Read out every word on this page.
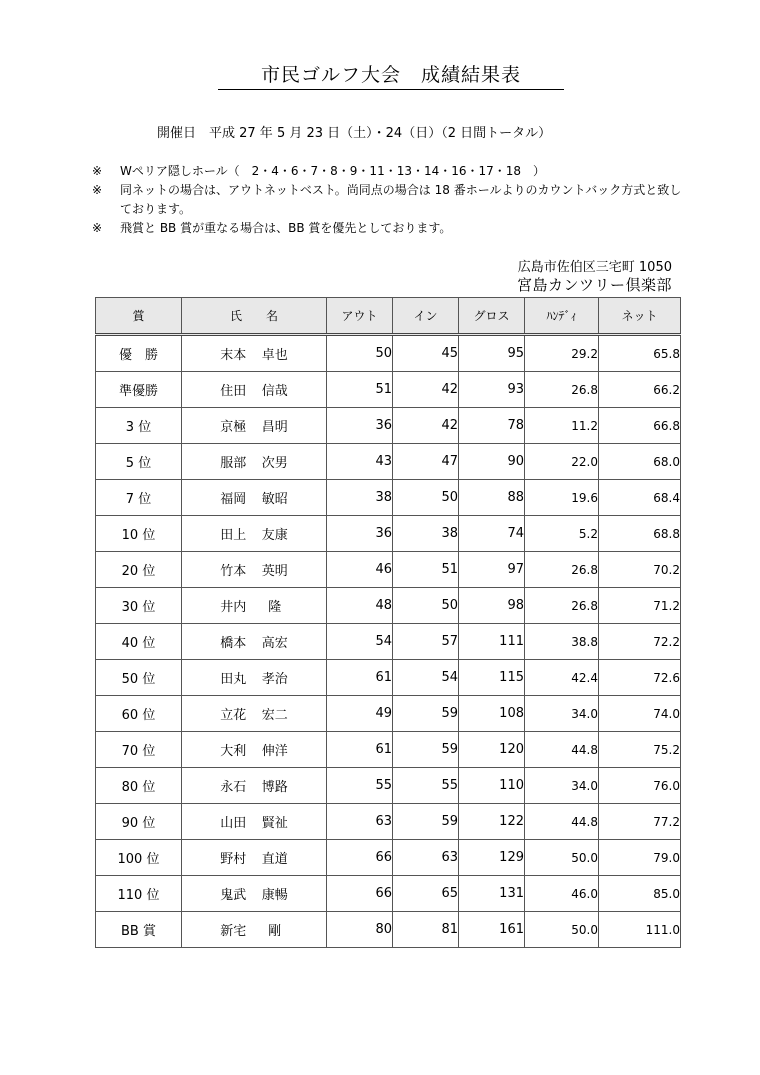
市民ゴルフ大会　成績結果表
開催日　平成 27 年 5 月 23 日（土）・24（日）（2 日間トータル）
※ Wペリア隠しホール（　2・4・6・7・8・9・11・13・14・16・17・18　）
※ 同ネットの場合は、アウトネットベスト。尚同点の場合は 18 番ホールよりのカウントバック方式と致しております。
※ 飛賞と BB 賞が重なる場合は、BB 賞を優先としております。
広島市佐伯区三宅町 1050
宮島カンツリー倶楽部
賞	氏　　名	アウト	イン	グロス	ﾊﾝﾃﾞｨ	ネット
優　勝	末本 卓也	50	45	95	29.2	65.8
準優勝	住田 信哉	51	42	93	26.8	66.2
3 位	京極 昌明	36	42	78	11.2	66.8
5 位	服部 次男	43	47	90	22.0	68.0
7 位	福岡 敏昭	38	50	88	19.6	68.4
10 位	田上 友康	36	38	74	5.2	68.8
20 位	竹本 英明	46	51	97	26.8	70.2
30 位	井内 隆	48	50	98	26.8	71.2
40 位	橋本 高宏	54	57	111	38.8	72.2
50 位	田丸 孝治	61	54	115	42.4	72.6
60 位	立花 宏二	49	59	108	34.0	74.0
70 位	大利 伸洋	61	59	120	44.8	75.2
80 位	永石 博路	55	55	110	34.0	76.0
90 位	山田 賢祉	63	59	122	44.8	77.2
100 位	野村 直道	66	63	129	50.0	79.0
110 位	鬼武 康暢	66	65	131	46.0	85.0
BB 賞	新宅 剛	80	81	161	50.0	111.0
